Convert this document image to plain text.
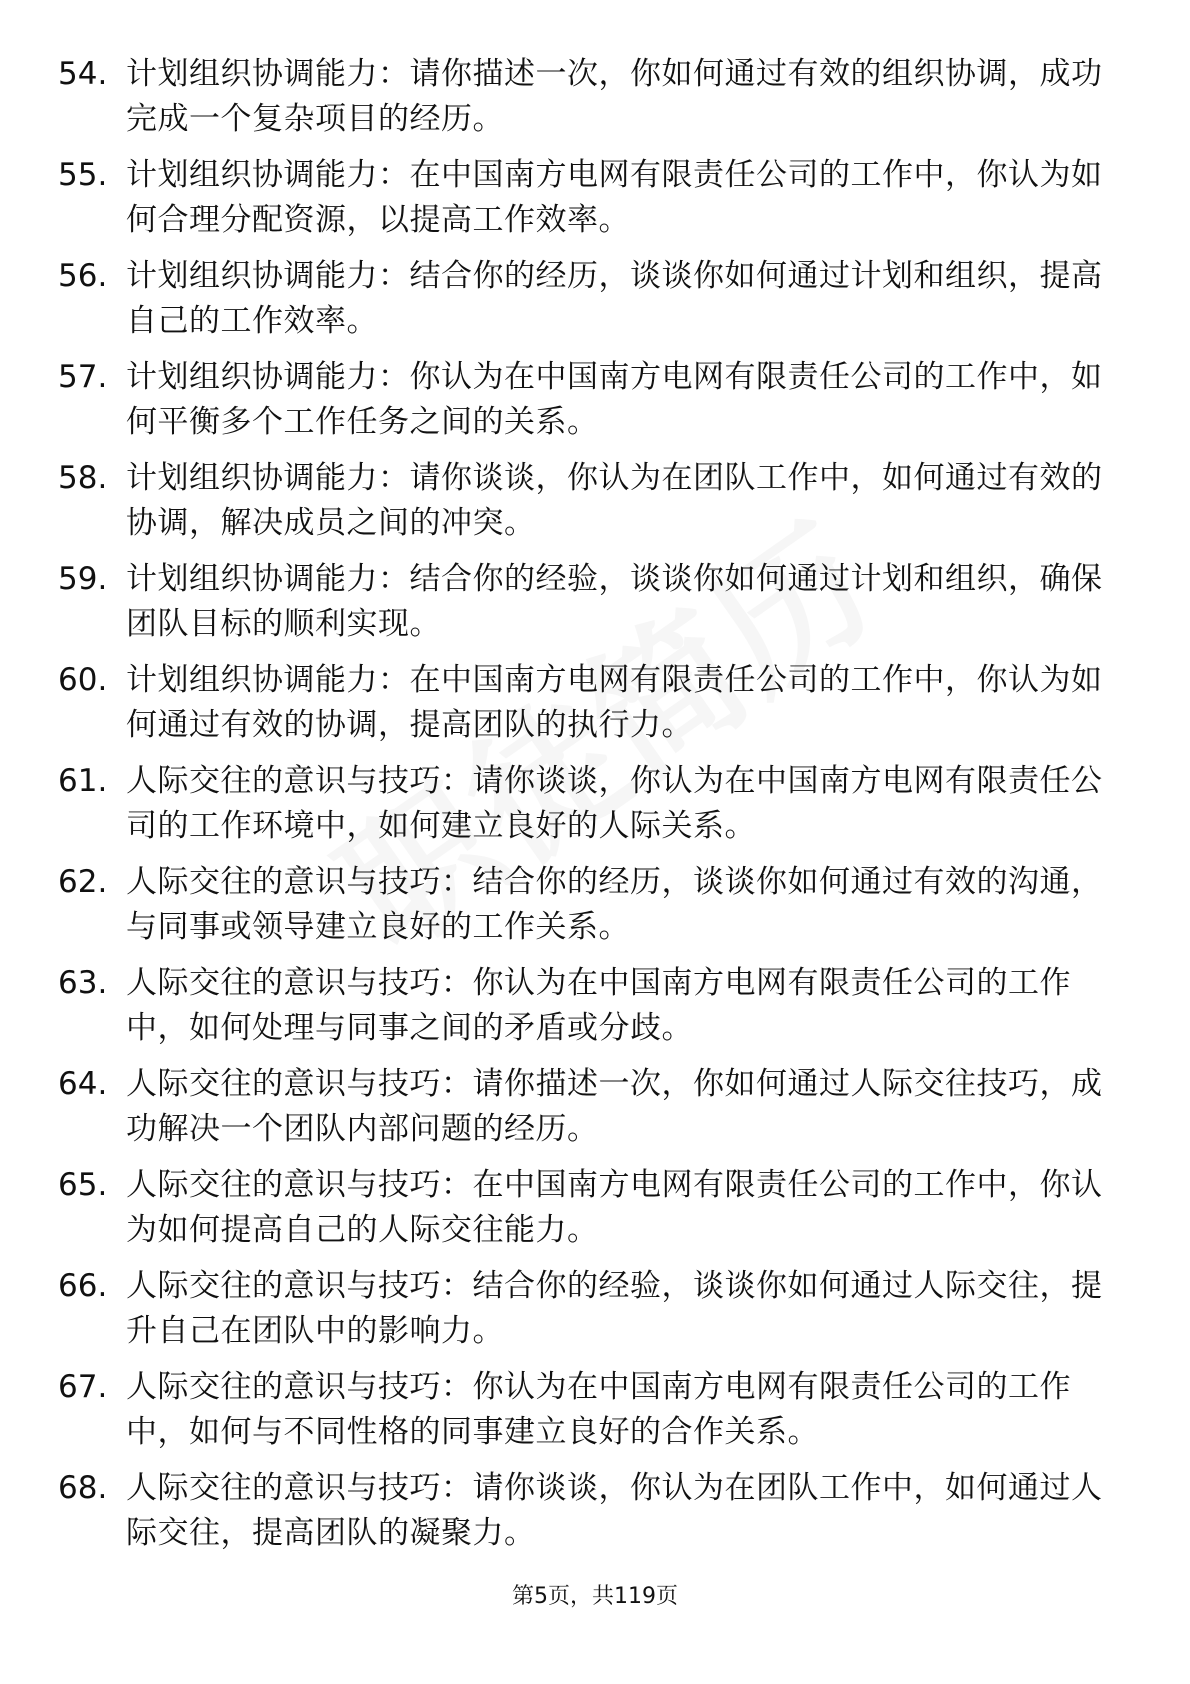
54. 计划组织协调能力：请你描述一次，你如何通过有效的组织协调，成功完成一个复杂项目的经历。
55. 计划组织协调能力：在中国南方电网有限责任公司的工作中，你认为如何合理分配资源，以提高工作效率。
56. 计划组织协调能力：结合你的经历，谈谈你如何通过计划和组织，提高自己的工作效率。
57. 计划组织协调能力：你认为在中国南方电网有限责任公司的工作中，如何平衡多个工作任务之间的关系。
58. 计划组织协调能力：请你谈谈，你认为在团队工作中，如何通过有效的协调，解决成员之间的冲突。
59. 计划组织协调能力：结合你的经验，谈谈你如何通过计划和组织，确保团队目标的顺利实现。
60. 计划组织协调能力：在中国南方电网有限责任公司的工作中，你认为如何通过有效的协调，提高团队的执行力。
61. 人际交往的意识与技巧：请你谈谈，你认为在中国南方电网有限责任公司的工作环境中，如何建立良好的人际关系。
62. 人际交往的意识与技巧：结合你的经历，谈谈你如何通过有效的沟通，与同事或领导建立良好的工作关系。
63. 人际交往的意识与技巧：你认为在中国南方电网有限责任公司的工作中，如何处理与同事之间的矛盾或分歧。
64. 人际交往的意识与技巧：请你描述一次，你如何通过人际交往技巧，成功解决一个团队内部问题的经历。
65. 人际交往的意识与技巧：在中国南方电网有限责任公司的工作中，你认为如何提高自己的人际交往能力。
66. 人际交往的意识与技巧：结合你的经验，谈谈你如何通过人际交往，提升自己在团队中的影响力。
67. 人际交往的意识与技巧：你认为在中国南方电网有限责任公司的工作中，如何与不同性格的同事建立良好的合作关系。
68. 人际交往的意识与技巧：请你谈谈，你认为在团队工作中，如何通过人际交往，提高团队的凝聚力。
第5页，共119页
